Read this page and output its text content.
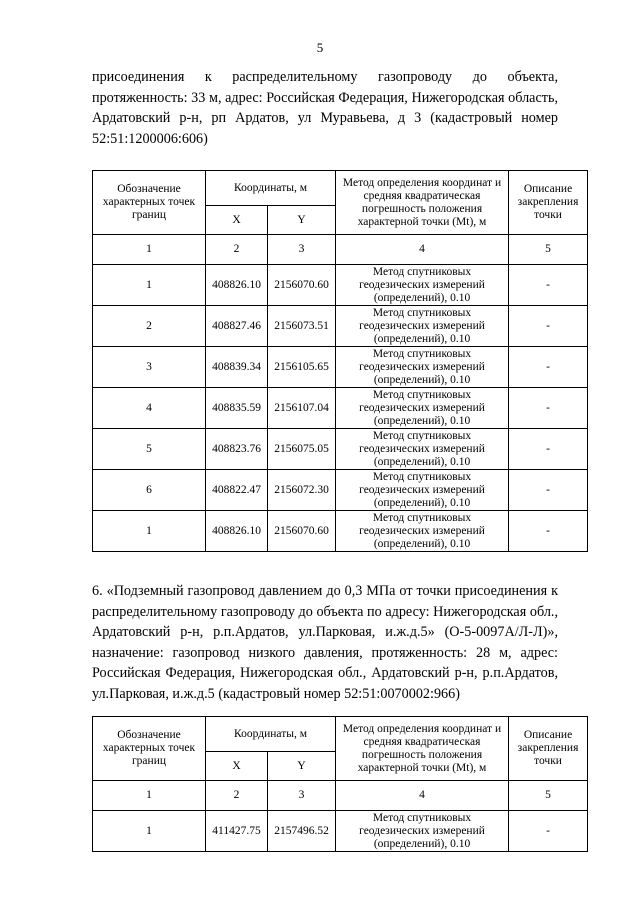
5

присоединения к распределительному газопроводу до объекта, протяженность: 33 м, адрес: Российская Федерация, Нижегородская область, Ардатовский р-н, рп Ардатов, ул Муравьева, д 3 (кадастровый номер 52:51:1200006:606)

Обозначение характерных точек границ	Координаты, м		Метод определения координат и средняя квадратическая погрешность положения характерной точки (Mt), м	Описание закрепления точки
	X	Y		
1	2	3	4	5
1	408826.10	2156070.60	Метод спутниковых геодезических измерений (определений), 0.10	-
2	408827.46	2156073.51	Метод спутниковых геодезических измерений (определений), 0.10	-
3	408839.34	2156105.65	Метод спутниковых геодезических измерений (определений), 0.10	-
4	408835.59	2156107.04	Метод спутниковых геодезических измерений (определений), 0.10	-
5	408823.76	2156075.05	Метод спутниковых геодезических измерений (определений), 0.10	-
6	408822.47	2156072.30	Метод спутниковых геодезических измерений (определений), 0.10	-
1	408826.10	2156070.60	Метод спутниковых геодезических измерений (определений), 0.10	-

6. «Подземный газопровод давлением до 0,3 МПа от точки присоединения к распределительному газопроводу до объекта по адресу: Нижегородская обл., Ардатовский р-н, р.п.Ардатов, ул.Парковая, и.ж.д.5» (О-5-0097А/Л-Л)», назначение: газопровод низкого давления, протяженность: 28 м, адрес: Российская Федерация, Нижегородская обл., Ардатовский р-н, р.п.Ардатов, ул.Парковая, и.ж.д.5 (кадастровый номер 52:51:0070002:966)

Обозначение характерных точек границ	Координаты, м		Метод определения координат и средняя квадратическая погрешность положения характерной точки (Mt), м	Описание закрепления точки
	X	Y		
1	2	3	4	5
1	411427.75	2157496.52	Метод спутниковых геодезических измерений (определений), 0.10	-
